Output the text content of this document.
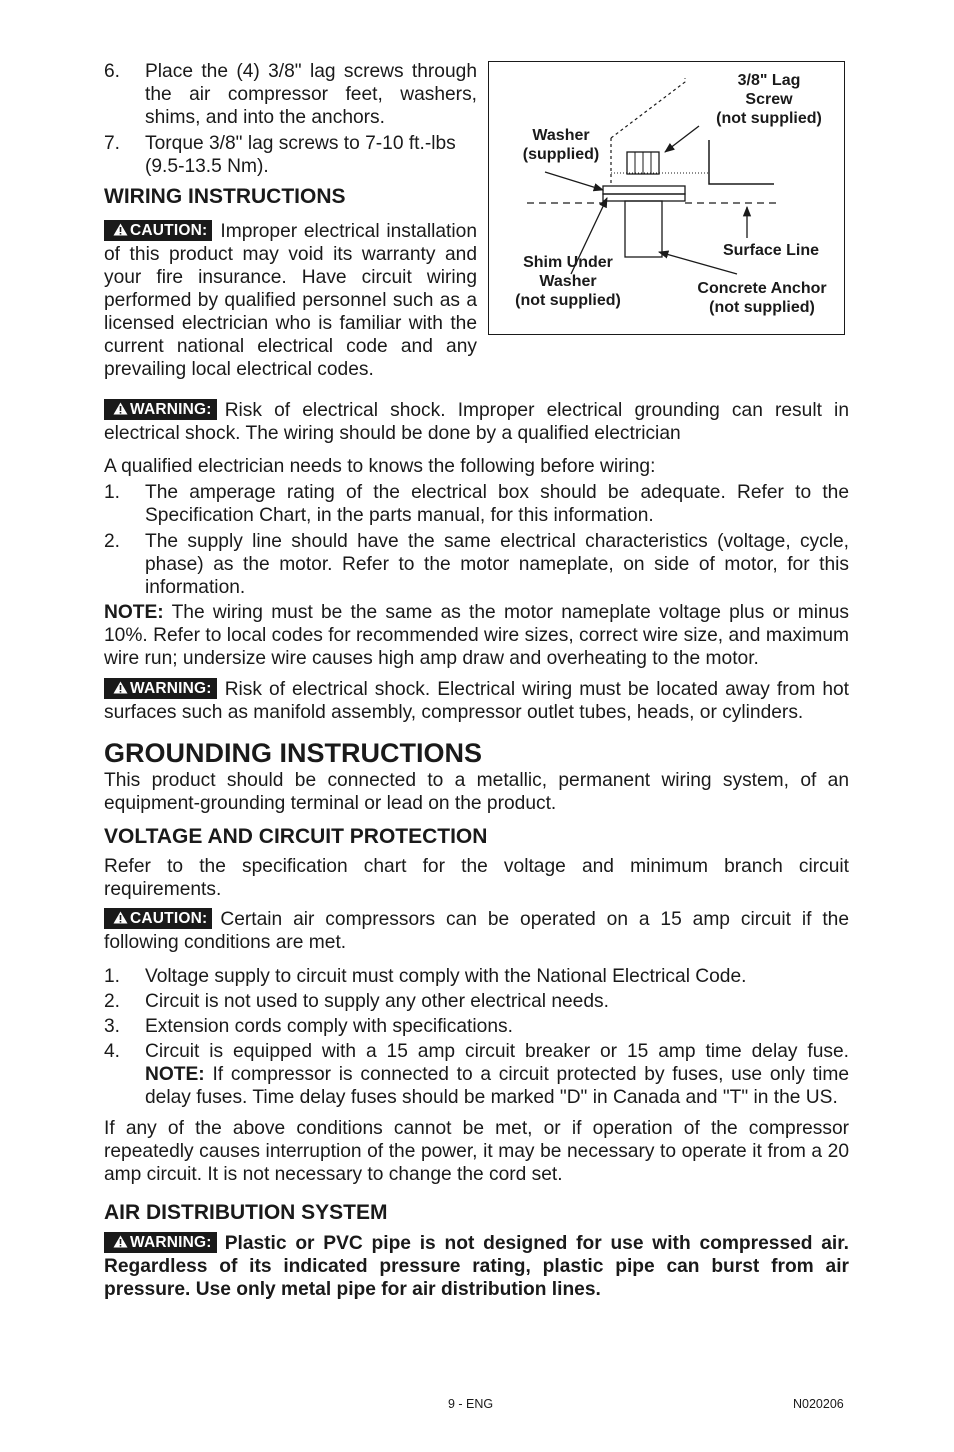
6.	Place the (4) 3/8" lag screws through the air compressor feet, washers, shims, and into the anchors.
7.	Torque 3/8" lag screws to 7-10 ft.-lbs (9.5-13.5 Nm).
WIRING INSTRUCTIONS
CAUTION: Improper electrical installation of this product may void its warranty and your fire insurance. Have circuit wiring performed by qualified personnel such as a licensed electrician who is familiar with the current national electrical code and any prevailing local electrical codes.
3/8" Lag
Screw
(not supplied)
Washer
(supplied)
Surface Line
Shim Under
Washer
(not supplied)
Concrete Anchor
(not supplied)
WARNING: Risk of electrical shock. Improper electrical grounding can result in electrical shock. The wiring should be done by a qualified electrician
A qualified electrician needs to knows the following before wiring:
1.	The amperage rating of the electrical box should be adequate. Refer to the Specification Chart, in the parts manual, for this information.
2.	The supply line should have the same electrical characteristics (voltage, cycle, phase) as the motor. Refer to the motor nameplate, on side of motor, for this information.
NOTE: The wiring must be the same as the motor nameplate voltage plus or minus 10%. Refer to local codes for recommended wire sizes, correct wire size, and maximum wire run; undersize wire causes high amp draw and overheating to the motor.
WARNING: Risk of electrical shock. Electrical wiring must be located away from hot surfaces such as manifold assembly, compressor outlet tubes, heads, or cylinders.
GROUNDING INSTRUCTIONS
This product should be connected to a metallic, permanent wiring system, of an equipment-grounding terminal or lead on the product.
VOLTAGE AND CIRCUIT PROTECTION
Refer to the specification chart for the voltage and minimum branch circuit requirements.
CAUTION: Certain air compressors can be operated on a 15 amp circuit if the following conditions are met.
1.	Voltage supply to circuit must comply with the National Electrical Code.
2.	Circuit is not used to supply any other electrical needs.
3.	Extension cords comply with specifications.
4.	Circuit is equipped with a 15 amp circuit breaker or 15 amp time delay fuse. NOTE: If compressor is connected to a circuit protected by fuses, use only time delay fuses. Time delay fuses should be marked "D" in Canada and "T" in the US.
If any of the above conditions cannot be met, or if operation of the compressor repeatedly causes interruption of the power, it may be necessary to operate it from a 20 amp circuit. It is not necessary to change the cord set.
AIR DISTRIBUTION SYSTEM
WARNING: Plastic or PVC pipe is not designed for use with compressed air. Regardless of its indicated pressure rating, plastic pipe can burst from air pressure. Use only metal pipe for air distribution lines.
9 - ENG	N020206
